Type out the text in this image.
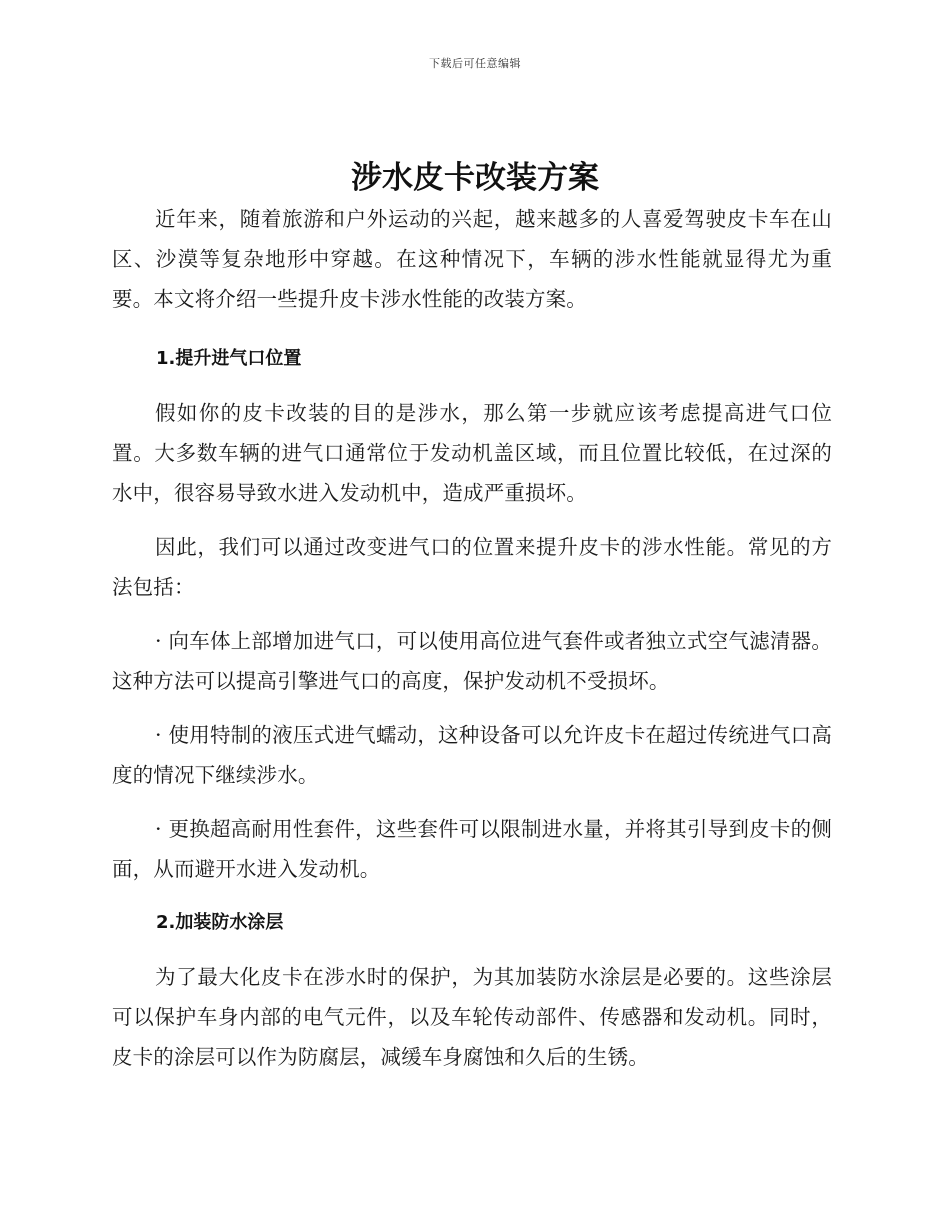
下载后可任意编辑
涉水皮卡改装方案

近年来，随着旅游和户外运动的兴起，越来越多的人喜爱驾驶皮卡车在山区、沙漠等复杂地形中穿越。在这种情况下，车辆的涉水性能就显得尤为重要。本文将介绍一些提升皮卡涉水性能的改装方案。

1.提升进气口位置

假如你的皮卡改装的目的是涉水，那么第一步就应该考虑提高进气口位置。大多数车辆的进气口通常位于发动机盖区域，而且位置比较低，在过深的水中，很容易导致水进入发动机中，造成严重损坏。

因此，我们可以通过改变进气口的位置来提升皮卡的涉水性能。常见的方法包括：

· 向车体上部增加进气口，可以使用高位进气套件或者独立式空气滤清器。这种方法可以提高引擎进气口的高度，保护发动机不受损坏。

· 使用特制的液压式进气蠕动，这种设备可以允许皮卡在超过传统进气口高度的情况下继续涉水。

· 更换超高耐用性套件，这些套件可以限制进水量，并将其引导到皮卡的侧面，从而避开水进入发动机。

2.加装防水涂层

为了最大化皮卡在涉水时的保护，为其加装防水涂层是必要的。这些涂层可以保护车身内部的电气元件，以及车轮传动部件、传感器和发动机。同时，皮卡的涂层可以作为防腐层，减缓车身腐蚀和久后的生锈。
